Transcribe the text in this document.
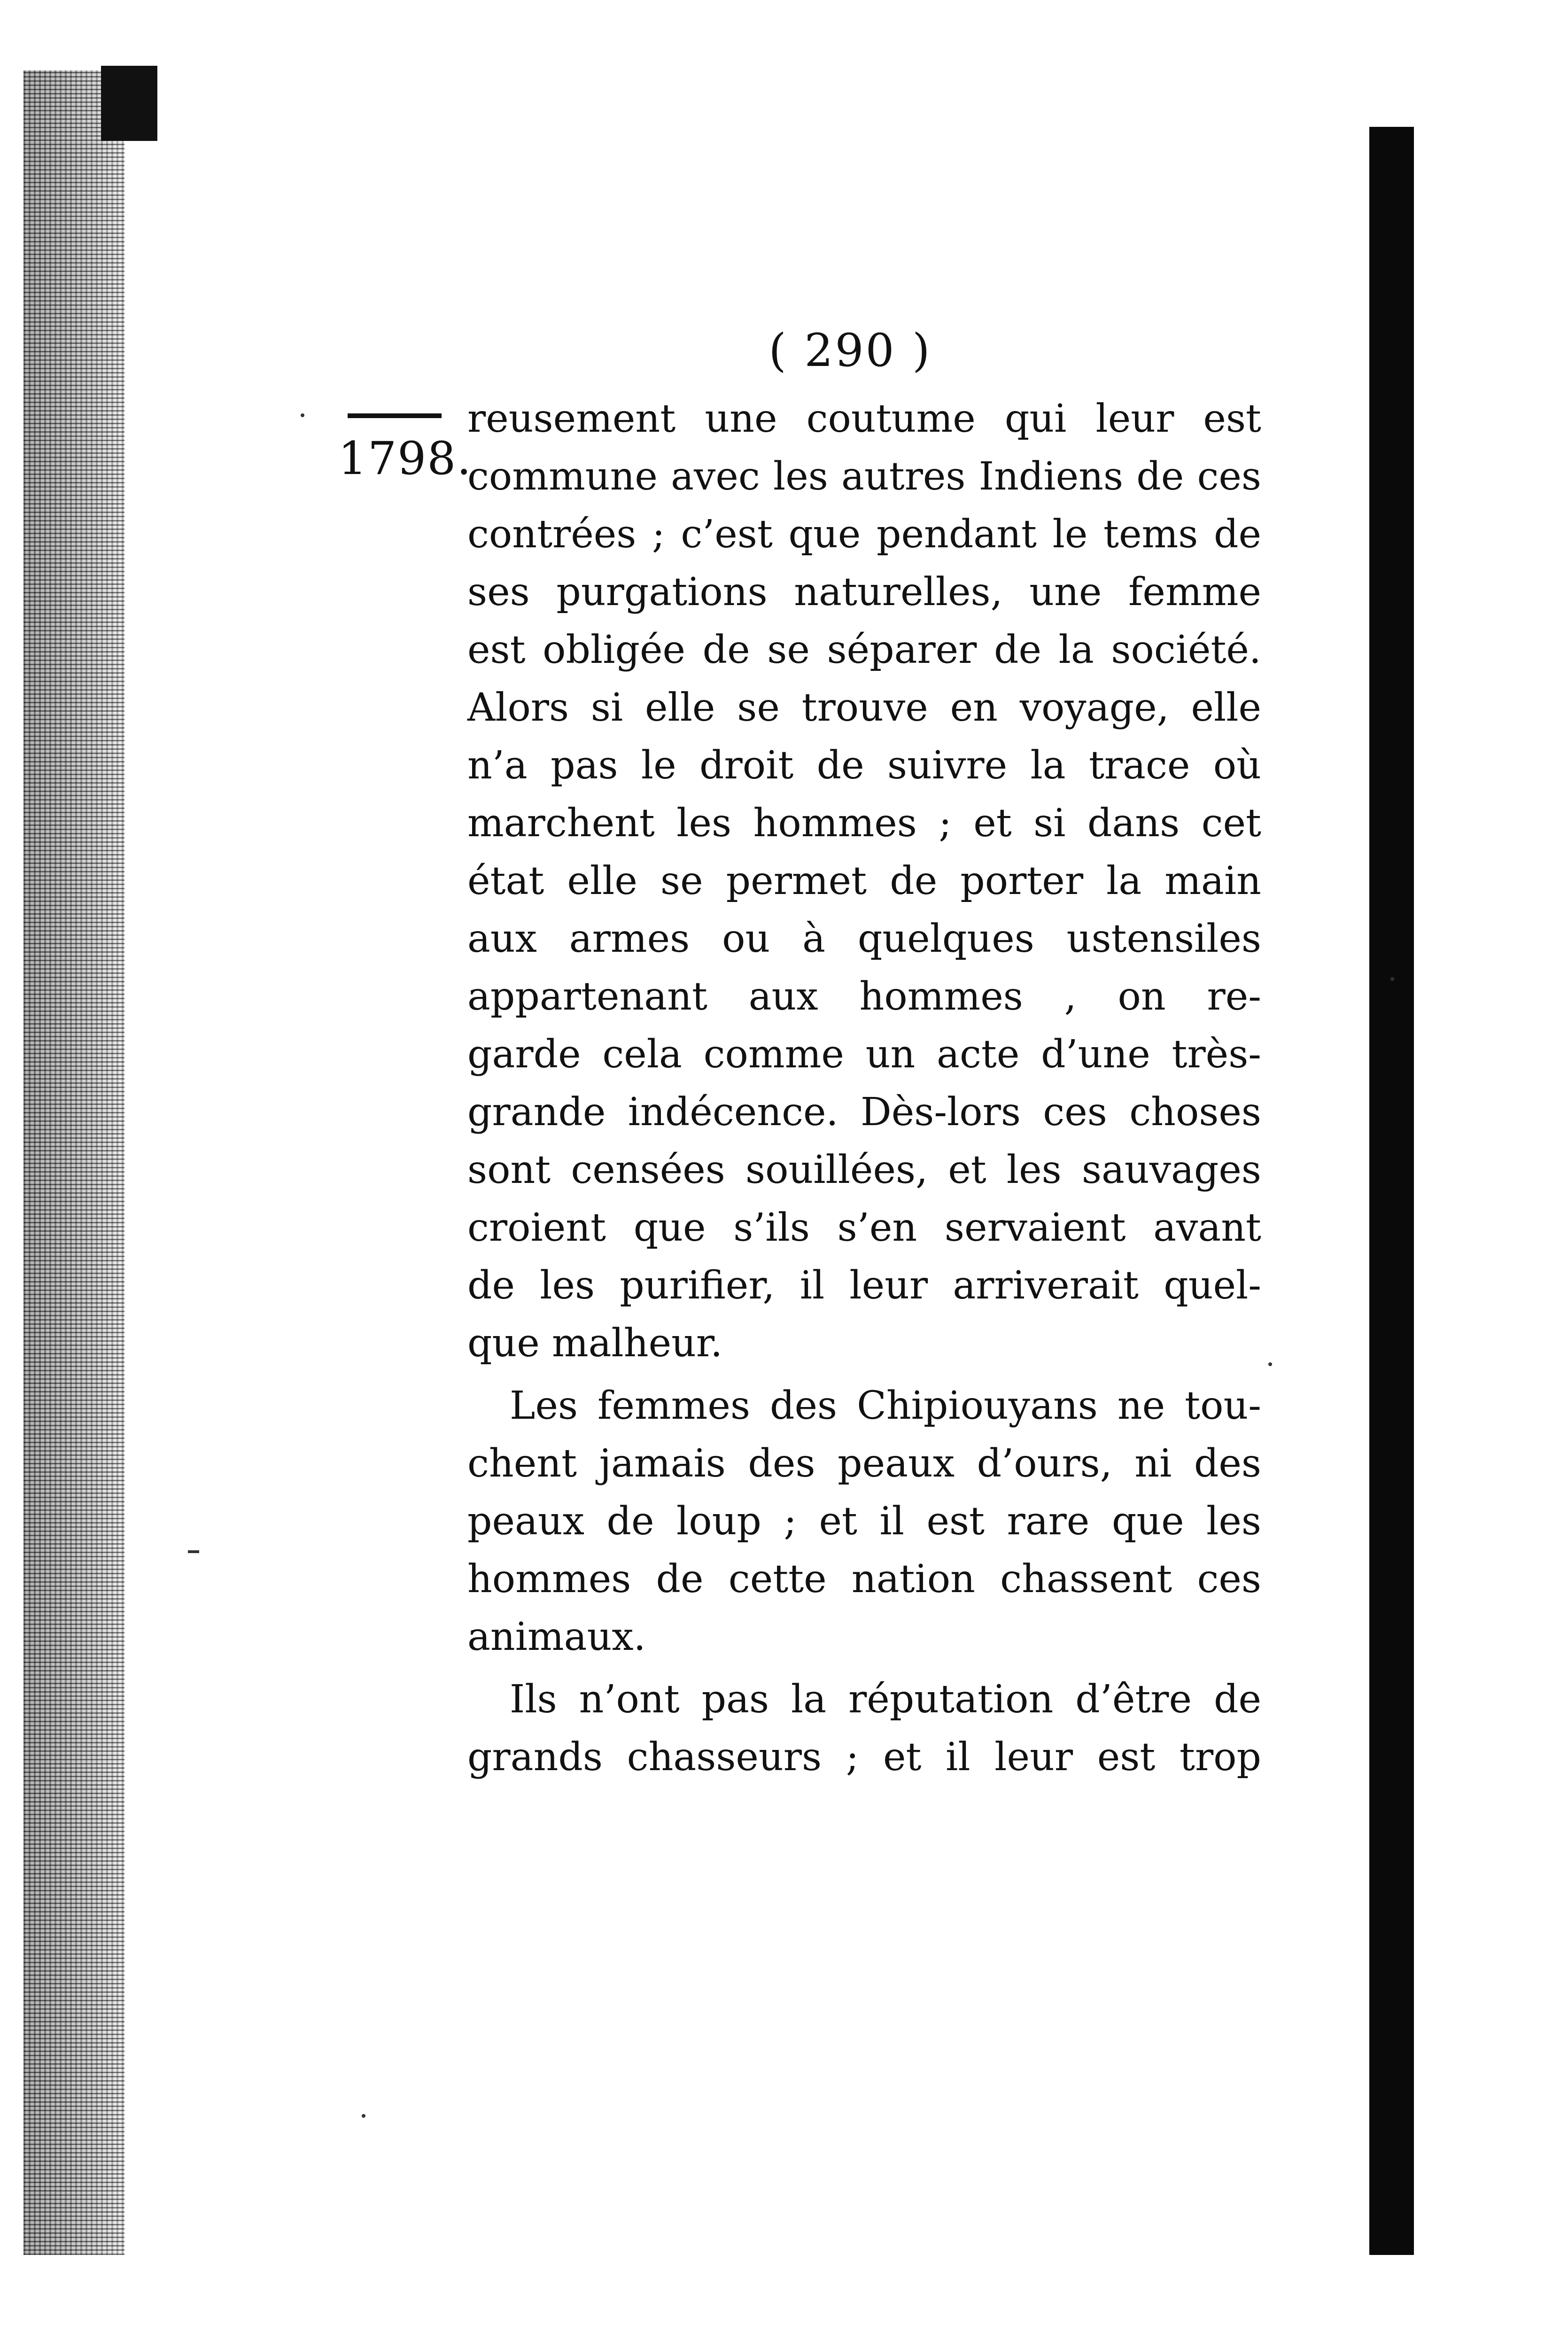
( 290 )
1798.
reusement une coutume qui leur est
commune avec les autres Indiens de ces
contrées ; c’est que pendant le tems de
ses purgations naturelles, une femme
est obligée de se séparer de la société.
Alors si elle se trouve en voyage, elle
n’a pas le droit de suivre la trace où
marchent les hommes ; et si dans cet
état elle se permet de porter la main
aux armes ou à quelques ustensiles
appartenant aux hommes , on re-
garde cela comme un acte d’une très-
grande indécence. Dès-lors ces choses
sont censées souillées, et les sauvages
croient que s’ils s’en servaient avant
de les purifier, il leur arriverait quel-
que malheur.
Les femmes des Chipiouyans ne tou-
chent jamais des peaux d’ours, ni des
peaux de loup ; et il est rare que les
hommes de cette nation chassent ces
animaux.
Ils n’ont pas la réputation d’être de
grands chasseurs ; et il leur est trop
